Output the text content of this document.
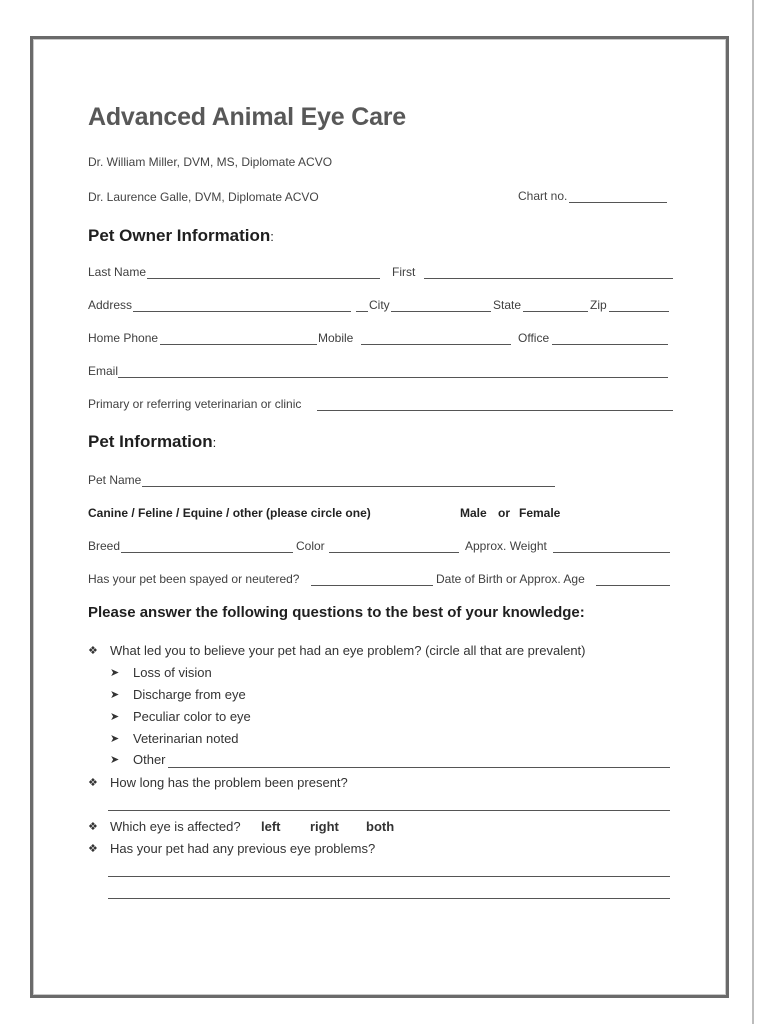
Advanced Animal Eye Care
Dr. William Miller, DVM, MS, Diplomate ACVO
Dr. Laurence Galle, DVM, Diplomate ACVO	Chart no.
Pet Owner Information:
Last Name	First
Address	City	State	Zip
Home Phone	Mobile	Office
Email
Primary or referring veterinarian or clinic
Pet Information:
Pet Name
Canine / Feline / Equine / other (please circle one)	Male or Female
Breed	Color	Approx. Weight
Has your pet been spayed or neutered?	Date of Birth or Approx. Age
Please answer the following questions to the best of your knowledge:
❖ What led you to believe your pet had an eye problem? (circle all that are prevalent)
➤ Loss of vision
➤ Discharge from eye
➤ Peculiar color to eye
➤ Veterinarian noted
➤ Other
❖ How long has the problem been present?
❖ Which eye is affected? left right both
❖ Has your pet had any previous eye problems?
